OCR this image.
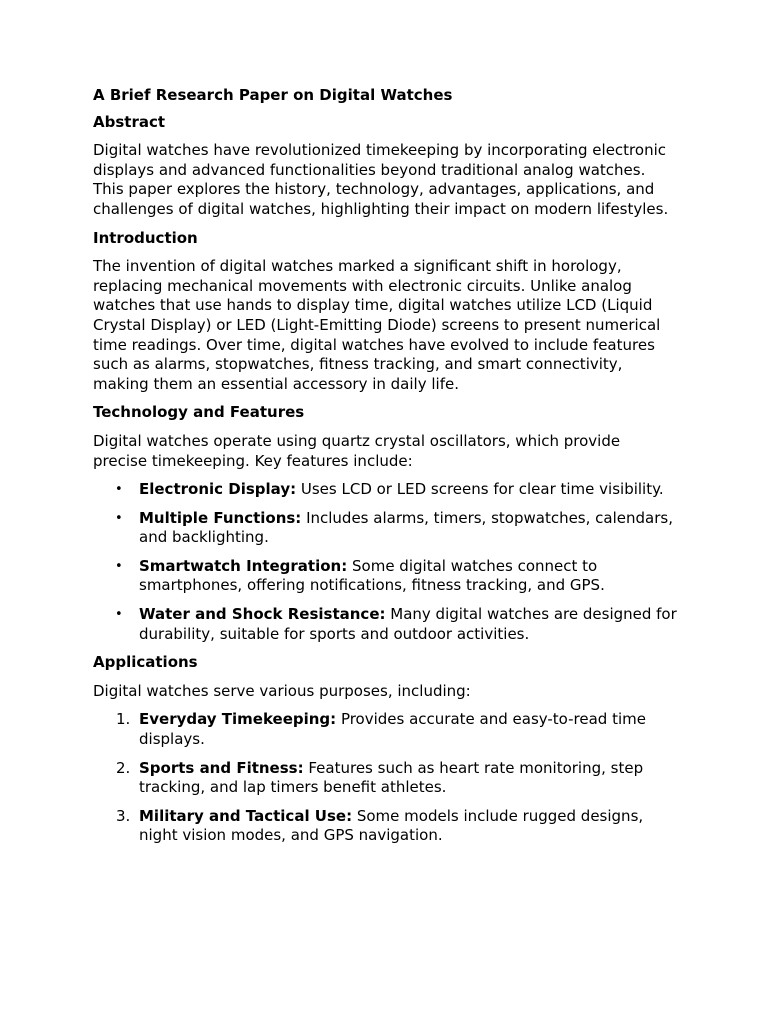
A Brief Research Paper on Digital Watches
Abstract

Digital watches have revolutionized timekeeping by incorporating electronic displays and advanced functionalities beyond traditional analog watches. This paper explores the history, technology, advantages, applications, and challenges of digital watches, highlighting their impact on modern lifestyles.

Introduction

The invention of digital watches marked a significant shift in horology, replacing mechanical movements with electronic circuits. Unlike analog watches that use hands to display time, digital watches utilize LCD (Liquid Crystal Display) or LED (Light-Emitting Diode) screens to present numerical time readings. Over time, digital watches have evolved to include features such as alarms, stopwatches, fitness tracking, and smart connectivity, making them an essential accessory in daily life.

Technology and Features

Digital watches operate using quartz crystal oscillators, which provide precise timekeeping. Key features include:

• Electronic Display: Uses LCD or LED screens for clear time visibility.
• Multiple Functions: Includes alarms, timers, stopwatches, calendars, and backlighting.
• Smartwatch Integration: Some digital watches connect to smartphones, offering notifications, fitness tracking, and GPS.
• Water and Shock Resistance: Many digital watches are designed for durability, suitable for sports and outdoor activities.
Applications

Digital watches serve various purposes, including:

1. Everyday Timekeeping: Provides accurate and easy-to-read time displays.
2. Sports and Fitness: Features such as heart rate monitoring, step tracking, and lap timers benefit athletes.
3. Military and Tactical Use: Some models include rugged designs, night vision modes, and GPS navigation.
